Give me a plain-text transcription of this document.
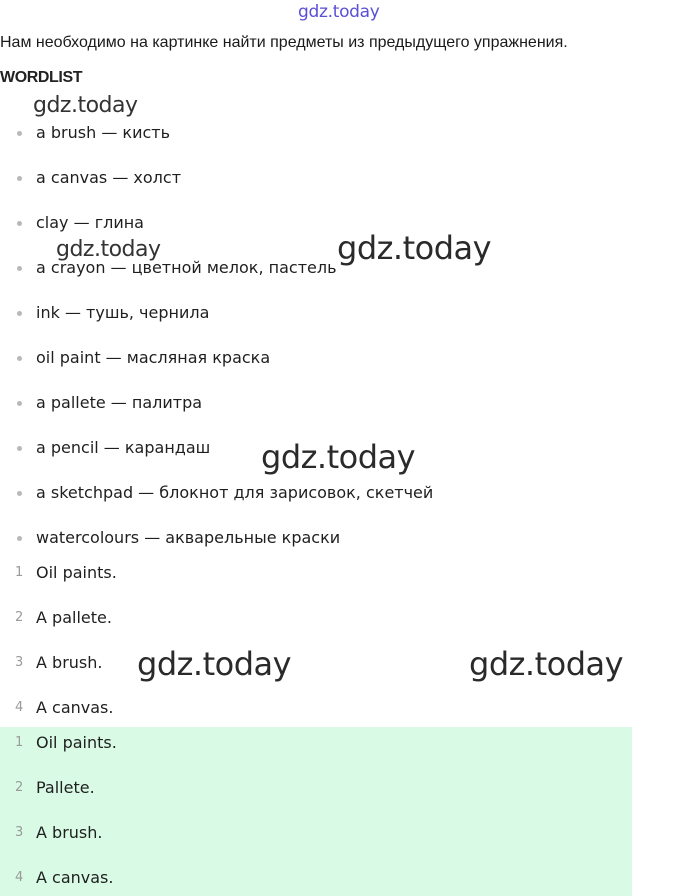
gdz.today
Нам необходимо на картинке найти предметы из предыдущего упражнения.
WORDLIST
a brush — кисть
a canvas — холст
clay — глина
a crayon — цветной мелок, пастель
ink — тушь, чернила
oil paint — масляная краска
a pallete — палитра
a pencil — карандаш
a sketchpad — блокнот для зарисовок, скетчей
watercolours — акварельные краски
1 Oil paints.
2 A pallete.
3 A brush.
4 A canvas.
1 Oil paints.
2 Pallete.
3 A brush.
4 A canvas.
gdz.today
gdz.today	gdz.today
gdz.today
gdz.today	gdz.today
